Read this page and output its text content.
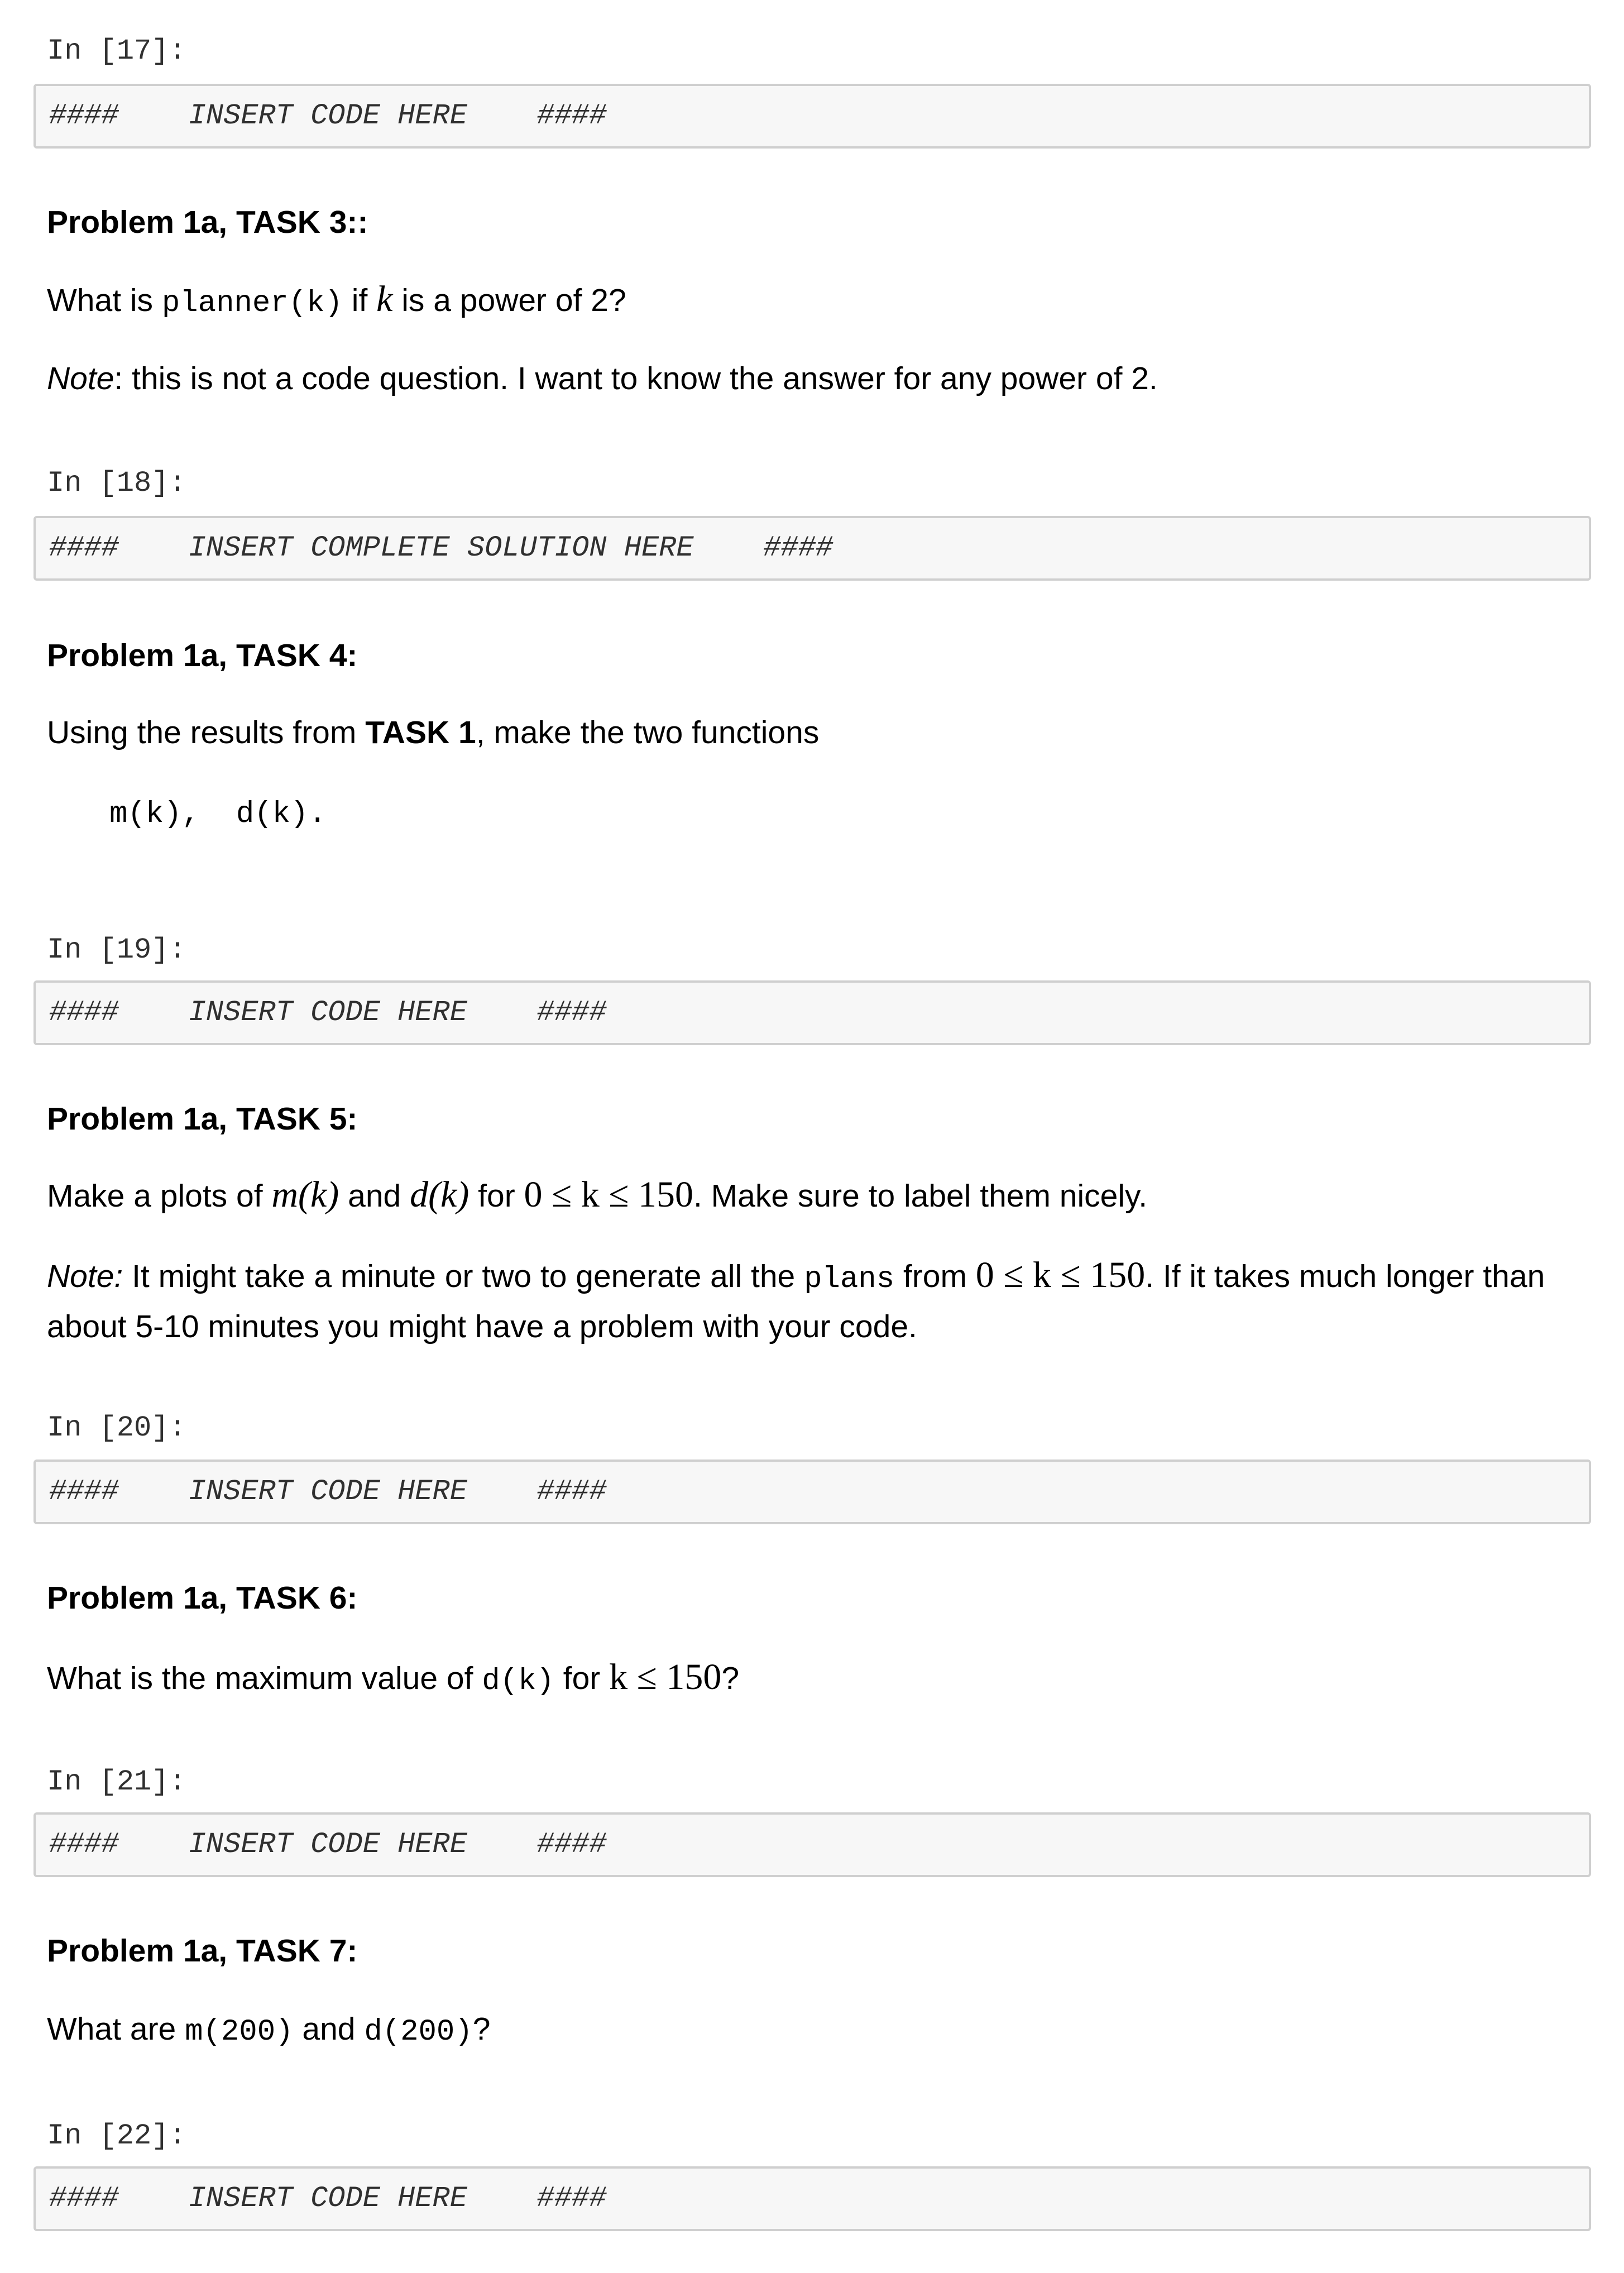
In [17]:
####    INSERT CODE HERE    ####
Problem 1a, TASK 3::
What is planner(k) if k is a power of 2?
Note: this is not a code question. I want to know the answer for any power of 2.
In [18]:
####    INSERT COMPLETE SOLUTION HERE    ####
Problem 1a, TASK 4:
Using the results from TASK 1, make the two functions
m(k),  d(k).
In [19]:
####    INSERT CODE HERE    ####
Problem 1a, TASK 5:
Make a plots of m(k) and d(k) for 0 ≤ k ≤ 150. Make sure to label them nicely.
Note: It might take a minute or two to generate all the plans from 0 ≤ k ≤ 150. If it takes much longer than about 5-10 minutes you might have a problem with your code.
In [20]:
####    INSERT CODE HERE    ####
Problem 1a, TASK 6:
What is the maximum value of d(k) for k ≤ 150?
In [21]:
####    INSERT CODE HERE    ####
Problem 1a, TASK 7:
What are m(200) and d(200)?
In [22]:
####    INSERT CODE HERE    ####
